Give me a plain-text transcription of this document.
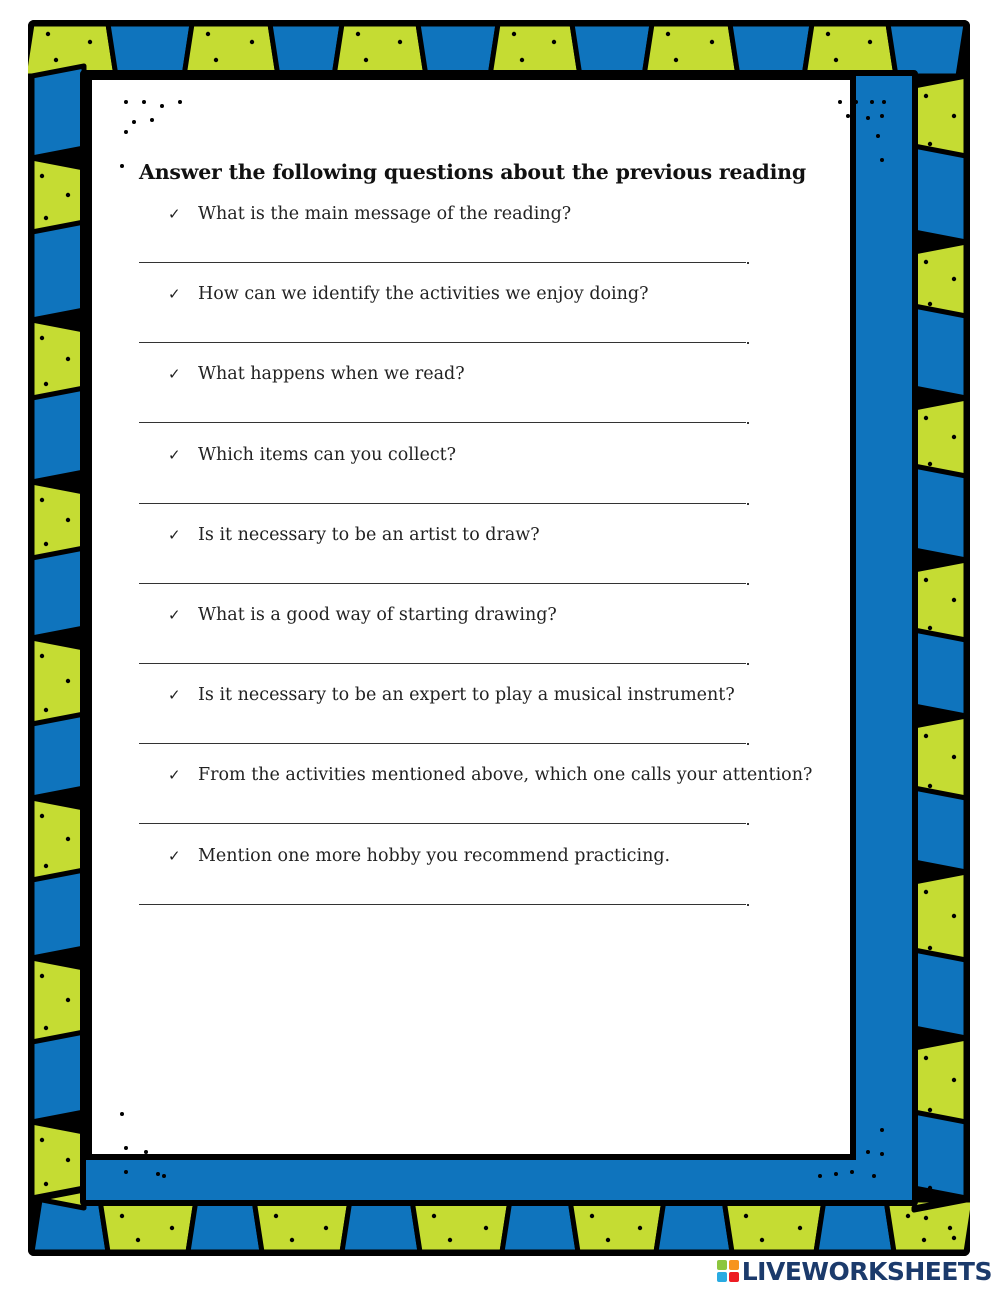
Answer the following questions about the previous reading
✓ What is the main message of the reading?
✓ How can we identify the activities we enjoy doing?
✓ What happens when we read?
✓ Which items can you collect?
✓ Is it necessary to be an artist to draw?
✓ What is a good way of starting drawing?
✓ Is it necessary to be an expert to play a musical instrument?
✓ From the activities mentioned above, which one calls your attention?
✓ Mention one more hobby you recommend practicing.
LIVEWORKSHEETS
